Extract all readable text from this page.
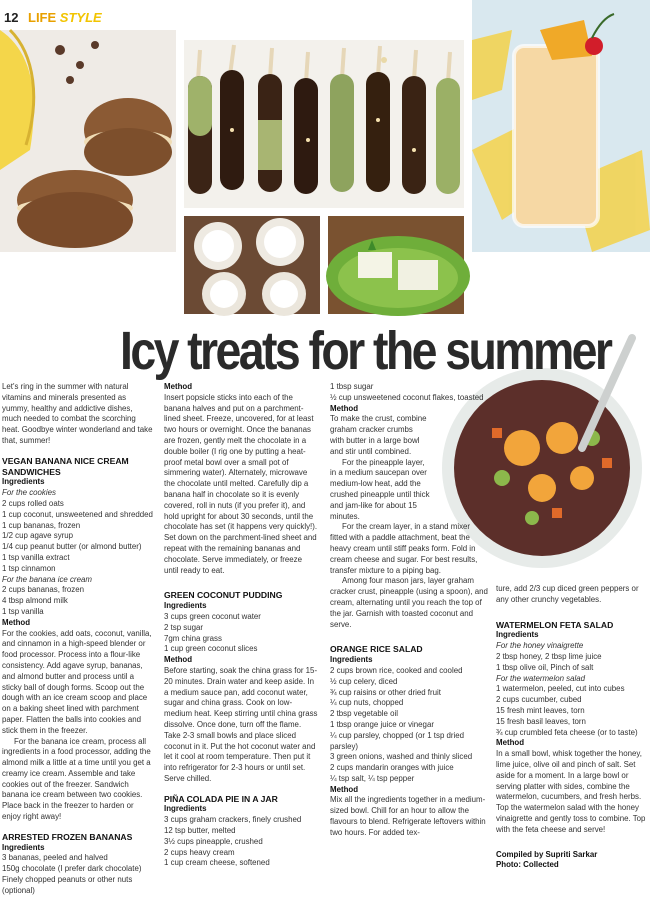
12 LIFE STYLE
Icy treats for the summer

Let's ring in the summer with natural vitamins and minerals presented as yummy, healthy and addictive dishes, much needed to combat the scorching heat. Goodbye winter wonderland and take that, summer!

VEGAN BANANA NICE CREAM SANDWICHES

Ingredients

For the cookies

2 cups rolled oats

1 cup coconut, unsweetened and shredded

1 cup bananas, frozen

1/2 cup agave syrup

1/4 cup peanut butter (or almond butter)

1 tsp vanilla extract

1 tsp cinnamon

For the banana ice cream

2 cups bananas, frozen

4 tbsp almond milk

1 tsp vanilla

Method

For the cookies, add oats, coconut, vanilla, and cinnamon in a high-speed blender or food processor. Process into a flour-like consistency. Add agave syrup, bananas, and almond butter and process until a sticky ball of dough forms. Scoop out the dough with an ice cream scoop and place on a baking sheet lined with parchment paper. Flatten the balls into cookies and stick them in the freezer.

For the banana ice cream, process all ingredients in a food processor, adding the almond milk a little at a time until you get a creamy ice cream. Assemble and take cookies out of the freezer. Sandwich banana ice cream between two cookies. Place back in the freezer to harden or enjoy right away!

ARRESTED FROZEN BANANAS

Ingredients

3 bananas, peeled and halved

150g chocolate (I prefer dark chocolate)

Finely chopped peanuts or other nuts (optional)

Method

Insert popsicle sticks into each of the banana halves and put on a parchment-lined sheet. Freeze, uncovered, for at least two hours or overnight. Once the bananas are frozen, gently melt the chocolate in a double boiler (I rig one by putting a heat-proof metal bowl over a small pot of simmering water). Alternately, microwave the chocolate until melted. Carefully dip a banana half in chocolate so it is evenly covered, roll in nuts (if you prefer it), and hold upright for about 30 seconds, until the chocolate has set (it happens very quickly!). Set down on the parchment-lined sheet and repeat with the remaining bananas and chocolate. Serve immediately, or freeze until ready to eat.

GREEN COCONUT PUDDING

Ingredients

3 cups green coconut water

2 tsp sugar

7gm china grass

1 cup green coconut slices

Method

Before starting, soak the china grass for 15-20 minutes. Drain water and keep aside. In a medium sauce pan, add coconut water, sugar and china grass. Cook on low-medium heat. Keep stirring until china grass dissolve. Once done, turn off the flame. Take 2-3 small bowls and place sliced coconut in it. Put the hot coconut water and let it cool at room temperature. Then put it into refrigerator for 2-3 hours or until set. Serve chilled.

PIÑA COLADA PIE IN A JAR

Ingredients

3 cups graham crackers, finely crushed

12 tsp butter, melted

3½ cups pineapple, crushed

2 cups heavy cream

1 cup cream cheese, softened

1 tbsp sugar

½ cup unsweetened coconut flakes, toasted

Method

To make the crust, combine graham cracker crumbs with butter in a large bowl and stir until combined.

For the pineapple layer, in a medium saucepan over medium-low heat, add the crushed pineapple until thick and jam-like for about 15 minutes.

For the cream layer, in a stand mixer fitted with a paddle attachment, beat the heavy cream until stiff peaks form. Fold in cream cheese and sugar. For best results, transfer mixture to a piping bag.

Among four mason jars, layer graham cracker crust, pineapple (using a spoon), and cream, alternating until you reach the top of the jar. Garnish with toasted coconut and serve.

ORANGE RICE SALAD

Ingredients

2 cups brown rice, cooked and cooled

½ cup celery, diced

¾ cup raisins or other dried fruit

¼ cup nuts, chopped

2 tbsp vegetable oil

1 tbsp orange juice or vinegar

¼ cup parsley, chopped (or 1 tsp dried parsley)

3 green onions, washed and thinly sliced

2 cups mandarin oranges with juice

¼ tsp salt, ¼ tsp pepper

Method

Mix all the ingredients together in a medium-sized bowl. Chill for an hour to allow the flavours to blend. Refrigerate leftovers within two hours. For added tex-

ture, add 2/3 cup diced green peppers or any other crunchy vegetables.

WATERMELON FETA SALAD

Ingredients

For the honey vinaigrette

2 tbsp honey, 2 tbsp lime juice

1 tbsp olive oil, Pinch of salt

For the watermelon salad

1 watermelon, peeled, cut into cubes

2 cups cucumber, cubed

15 fresh mint leaves, torn

15 fresh basil leaves, torn

¾ cup crumbled feta cheese (or to taste)

Method

In a small bowl, whisk together the honey, lime juice, olive oil and pinch of salt. Set aside for a moment. In a large bowl or serving platter with sides, combine the watermelon, cucumbers, and fresh herbs. Top the watermelon salad with the honey vinaigrette and gently toss to combine. Top with the feta cheese and serve!

Compiled by Supriti Sarkar

Photo: Collected
